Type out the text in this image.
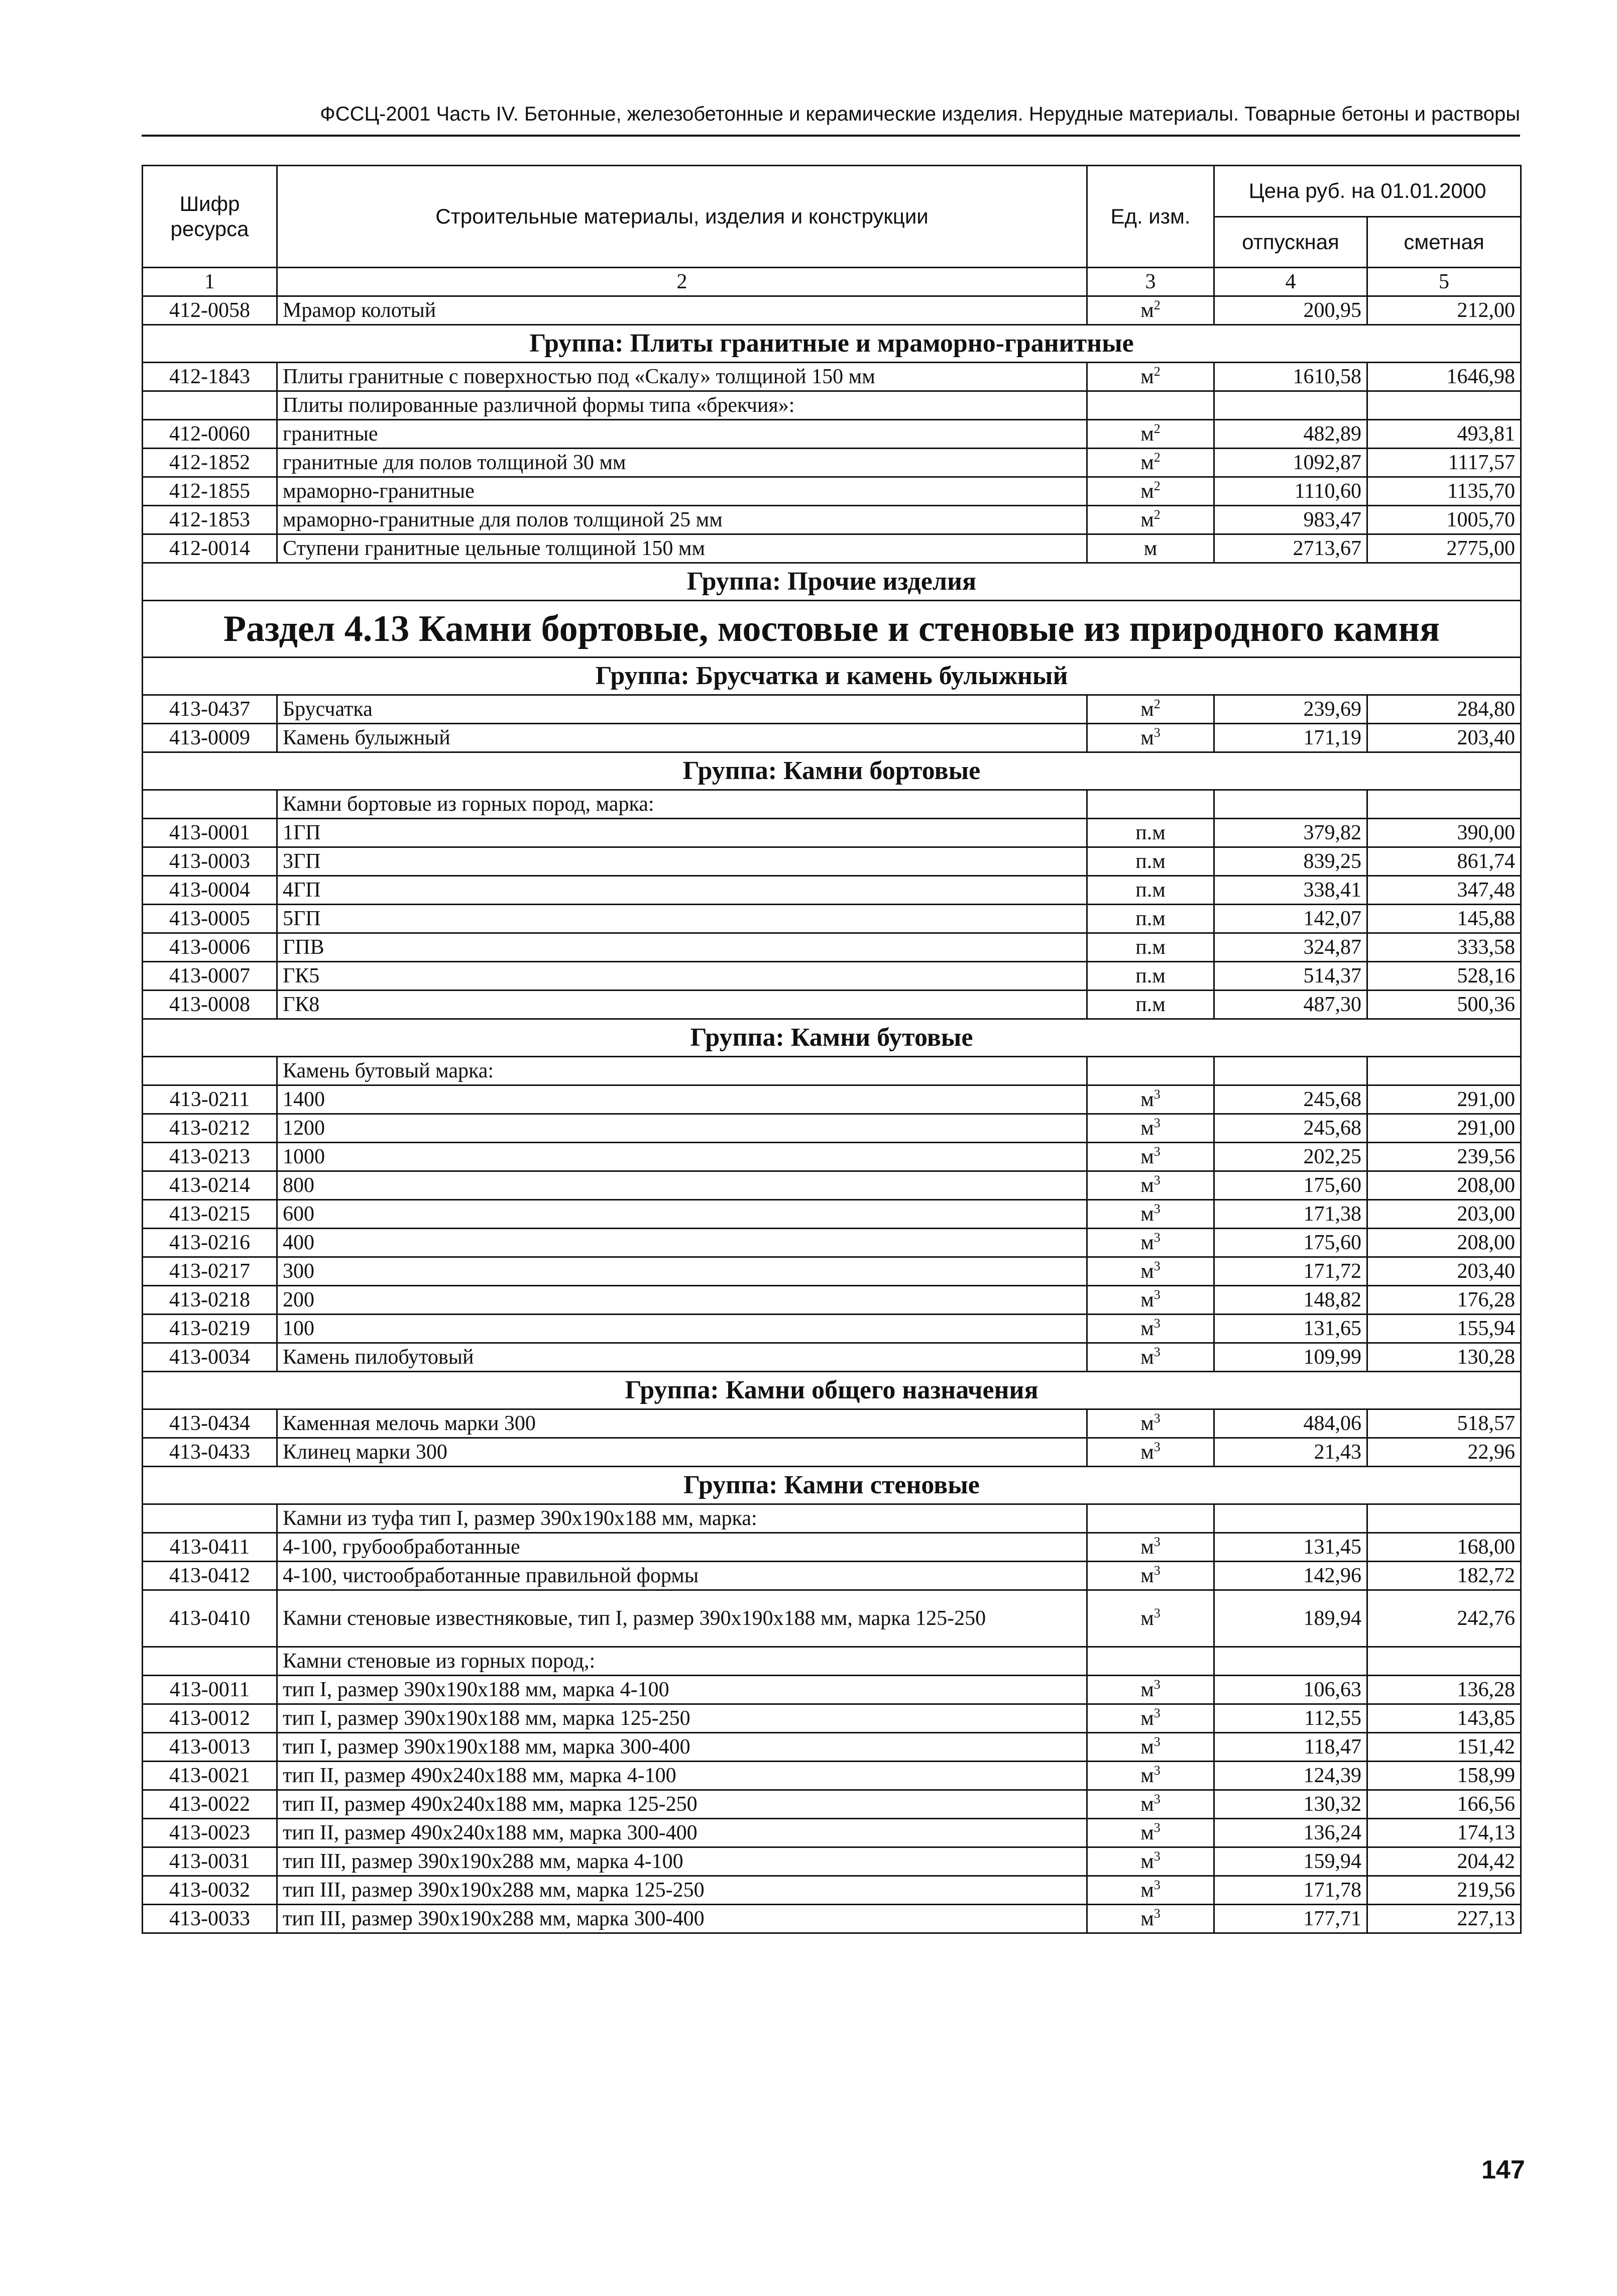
ФССЦ-2001 Часть IV. Бетонные, железобетонные и керамические изделия. Нерудные материалы. Товарные бетоны и растворы
Шифр ресурса	Строительные материалы, изделия и конструкции	Ед. изм.	Цена руб. на 01.01.2000	
			отпускная	сметная
1	2	3	4	5
412-0058	Мрамор колотый	$м^2$	200,95	212,00
Группа: Плиты гранитные и мраморно-гранитные				
412-1843	Плиты гранитные с поверхностью под «Скалу» толщиной 150 мм	$м^2$	1610,58	1646,98
	Плиты полированные различной формы типа «брекчия»:			
412-0060	гранитные	$м^2$	482,89	493,81
412-1852	гранитные для полов толщиной 30 мм	$м^2$	1092,87	1117,57
412-1855	мраморно-гранитные	$м^2$	1110,60	1135,70
412-1853	мраморно-гранитные для полов толщиной 25 мм	$м^2$	983,47	1005,70
412-0014	Ступени гранитные цельные толщиной 150 мм	м	2713,67	2775,00
Группа: Прочие изделия				
Раздел 4.13 Камни бортовые, мостовые и стеновые из природного камня				
Группа: Брусчатка и камень булыжный				
413-0437	Брусчатка	$м^2$	239,69	284,80
413-0009	Камень булыжный	$м^3$	171,19	203,40
Группа: Камни бортовые				
	Камни бортовые из горных пород, марка:			
413-0001	1ГП	п.м	379,82	390,00
413-0003	3ГП	п.м	839,25	861,74
413-0004	4ГП	п.м	338,41	347,48
413-0005	5ГП	п.м	142,07	145,88
413-0006	ГПВ	п.м	324,87	333,58
413-0007	ГК5	п.м	514,37	528,16
413-0008	ГК8	п.м	487,30	500,36
Группа: Камни бутовые				
	Камень бутовый марка:			
413-0211	1400	$м^3$	245,68	291,00
413-0212	1200	$м^3$	245,68	291,00
413-0213	1000	$м^3$	202,25	239,56
413-0214	800	$м^3$	175,60	208,00
413-0215	600	$м^3$	171,38	203,00
413-0216	400	$м^3$	175,60	208,00
413-0217	300	$м^3$	171,72	203,40
413-0218	200	$м^3$	148,82	176,28
413-0219	100	$м^3$	131,65	155,94
413-0034	Камень пилобутовый	$м^3$	109,99	130,28
Группа: Камни общего назначения				
413-0434	Каменная мелочь марки 300	$м^3$	484,06	518,57
413-0433	Клинец марки 300	$м^3$	21,43	22,96
Группа: Камни стеновые				
	Камни из туфа тип I, размер 390х190х188 мм, марка:			
413-0411	4-100, грубообработанные	$м^3$	131,45	168,00
413-0412	4-100, чистообработанные правильной формы	$м^3$	142,96	182,72
413-0410	Камни стеновые известняковые, тип I, размер 390х190х188 мм, марка 125-250	$м^3$	189,94	242,76
	Камни стеновые из горных пород,:			
413-0011	тип I, размер 390х190х188 мм, марка 4-100	$м^3$	106,63	136,28
413-0012	тип I, размер 390х190х188 мм, марка 125-250	$м^3$	112,55	143,85
413-0013	тип I, размер 390х190х188 мм, марка 300-400	$м^3$	118,47	151,42
413-0021	тип II, размер 490х240х188 мм, марка 4-100	$м^3$	124,39	158,99
413-0022	тип II, размер 490х240х188 мм, марка 125-250	$м^3$	130,32	166,56
413-0023	тип II, размер 490х240х188 мм, марка 300-400	$м^3$	136,24	174,13
413-0031	тип III, размер 390х190х288 мм, марка 4-100	$м^3$	159,94	204,42
413-0032	тип III, размер 390х190х288 мм, марка 125-250	$м^3$	171,78	219,56
413-0033	тип III, размер 390х190х288 мм, марка 300-400	$м^3$	177,71	227,13
147
